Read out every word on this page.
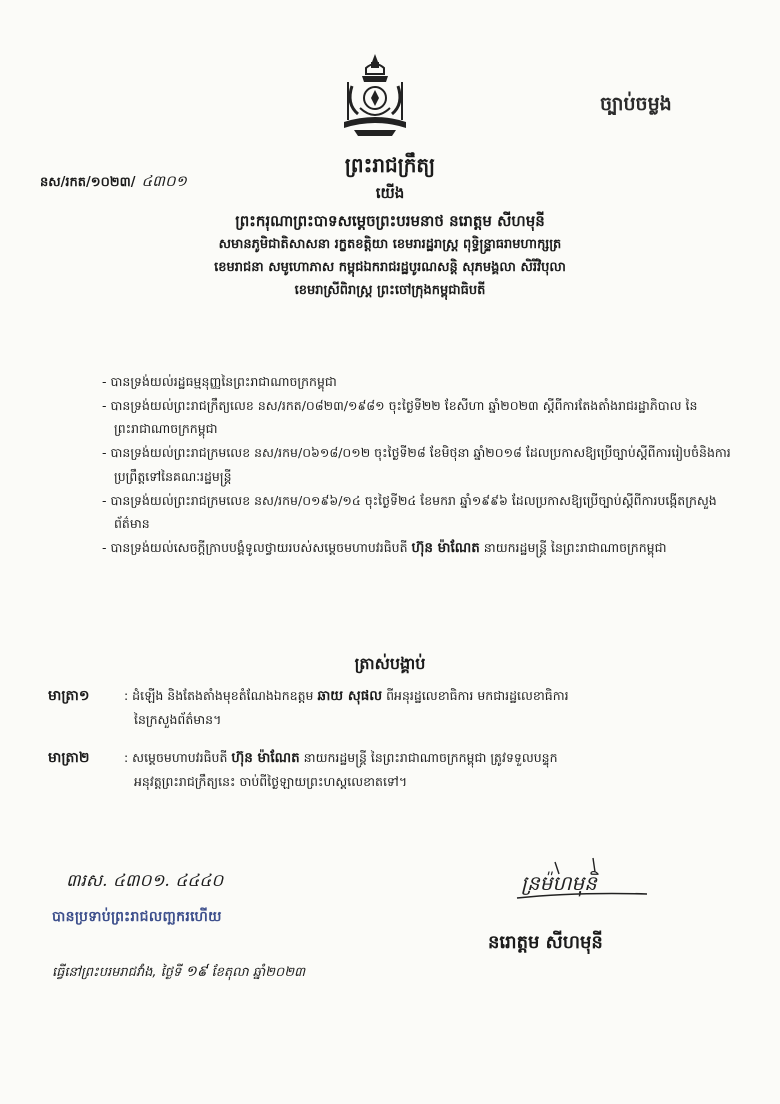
ច្បាប់ចម្លង
ព្រះរាជក្រឹត្យ
នស/រកត/១០២៣/ ៤៣០១
យើង
ព្រះករុណាព្រះបាទសម្តេចព្រះបរមនាថ នរោត្តម សីហមុនី
សមានភូមិជាតិសាសនា រក្ខតខត្តិយា ខេមរារដ្ឋរាស្ត្រ ពុទ្ធិន្ទ្រាធរាមហាក្សត្រ
ខេមរាជនា សមូហោភាស កម្ពុជឯករាជរដ្ឋបូរណសន្តិ សុភមង្គលា សិរីវិបុលា
ខេមរាស្រីពិរាស្ត្រ ព្រះចៅក្រុងកម្ពុជាធិបតី
- បានទ្រង់យល់រដ្ឋធម្មនុញ្ញនៃព្រះរាជាណាចក្រកម្ពុជា
- បានទ្រង់យល់ព្រះរាជក្រឹត្យលេខ នស/រកត/០៨២៣/១៩៨១ ចុះថ្ងៃទី២២ ខែសីហា ឆ្នាំ២០២៣ ស្តីពីការតែងតាំងរាជរដ្ឋាភិបាល នៃព្រះរាជាណាចក្រកម្ពុជា
- បានទ្រង់យល់ព្រះរាជក្រមលេខ នស/រកម/០៦១៨/០១២ ចុះថ្ងៃទី២៨ ខែមិថុនា ឆ្នាំ២០១៨ ដែលប្រកាសឱ្យប្រើច្បាប់ស្តីពីការរៀបចំនិងការប្រព្រឹត្តទៅនៃគណៈរដ្ឋមន្ត្រី
- បានទ្រង់យល់ព្រះរាជក្រមលេខ នស/រកម/០១៩៦/១៤ ចុះថ្ងៃទី២៤ ខែមករា ឆ្នាំ១៩៩៦ ដែលប្រកាសឱ្យប្រើច្បាប់ស្តីពីការបង្កើតក្រសួងព័ត៌មាន
- បានទ្រង់យល់សេចក្តីក្រាបបង្គំទូលថ្វាយរបស់សម្តេចមហាបវរធិបតី ហ៊ុន ម៉ាណែត នាយករដ្ឋមន្ត្រី នៃព្រះរាជាណាចក្រកម្ពុជា
ត្រាស់បង្គាប់
មាត្រា១	: ដំឡើង និងតែងតាំងមុខតំណែងឯកឧត្តម ឆាយ សុផល ពីអនុរដ្ឋលេខាធិការ មកជារដ្ឋលេខាធិការ
នៃក្រសួងព័ត៌មាន។
មាត្រា២	: សម្តេចមហាបវរធិបតី ហ៊ុន ម៉ាណែត នាយករដ្ឋមន្ត្រី នៃព្រះរាជាណាចក្រកម្ពុជា ត្រូវទទួលបន្ទុក
អនុវត្តព្រះរាជក្រឹត្យនេះ ចាប់ពីថ្ងៃឡាយព្រះហស្តលេខាតទៅ។
៣រស. ៤៣០១. ៤៤៤០
បានប្រទាប់ព្រះរាជលញ្ឆករហើយ
ធ្វើនៅព្រះបរមរាជវាំង, ថ្ងៃទី ១៩ ខែតុលា ឆ្នាំ២០២៣
ន្រម៉ហមុនិ
នរោត្តម សីហមុនី
